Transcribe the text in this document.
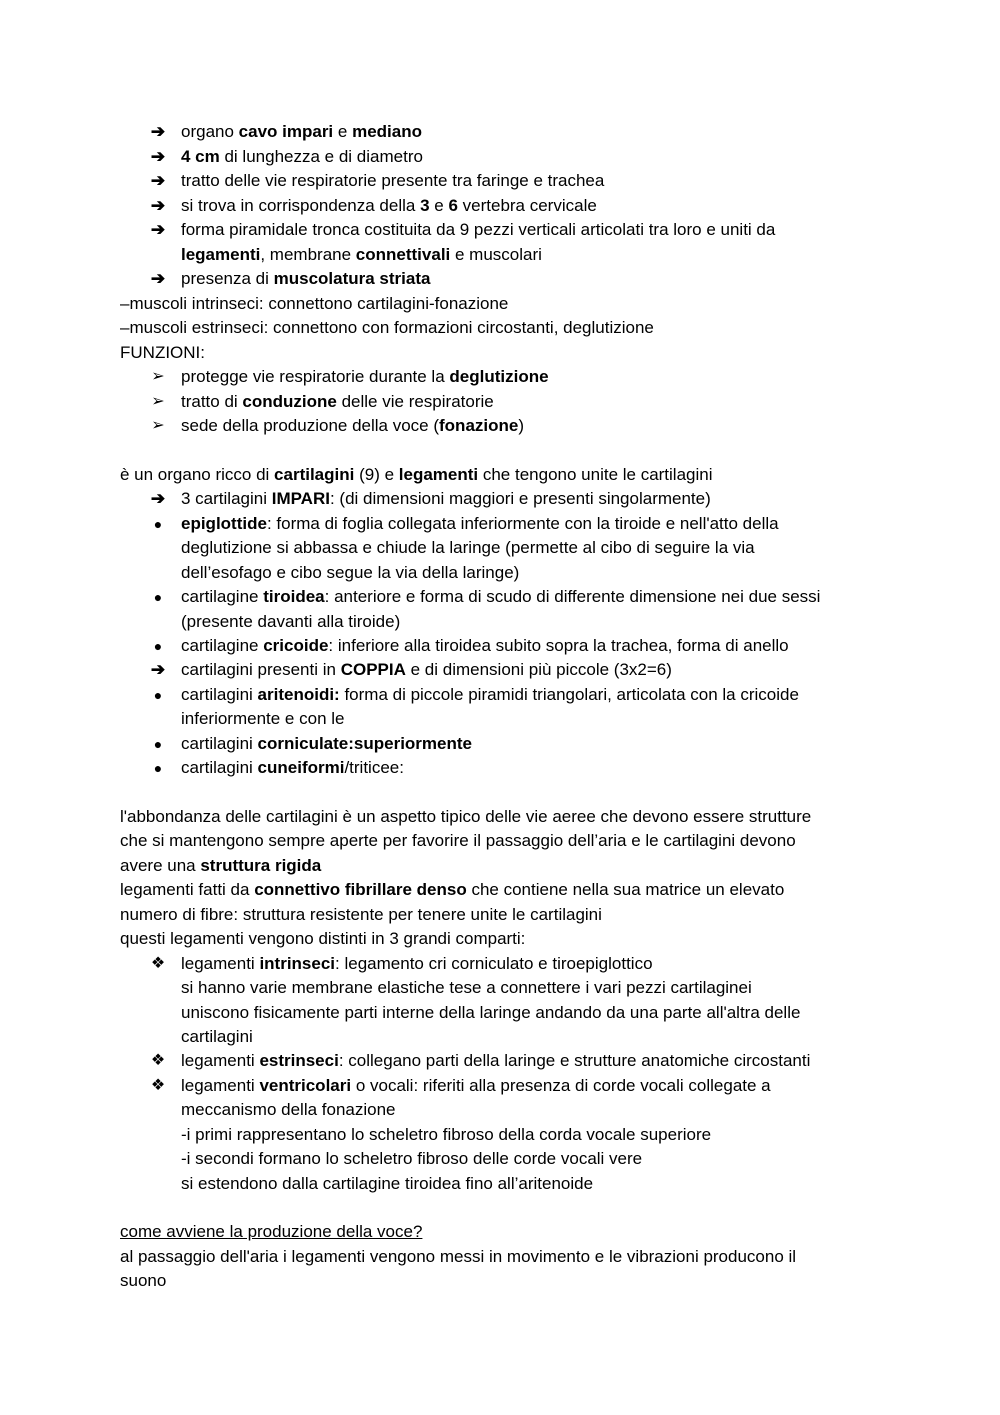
➔ organo cavo impari e mediano
➔ 4 cm di lunghezza e di diametro
➔ tratto delle vie respiratorie presente tra faringe e trachea
➔ si trova in corrispondenza della 3 e 6 vertebra cervicale
➔ forma piramidale tronca costituita da 9 pezzi verticali articolati tra loro e uniti da
legamenti, membrane connettivali e muscolari
➔ presenza di muscolatura striata
–muscoli intrinseci: connettono cartilagini-fonazione
–muscoli estrinseci: connettono con formazioni circostanti, deglutizione
FUNZIONI:
➢ protegge vie respiratorie durante la deglutizione
➢ tratto di conduzione delle vie respiratorie
➢ sede della produzione della voce (fonazione)
è un organo ricco di cartilagini (9) e legamenti che tengono unite le cartilagini
➔ 3 cartilagini IMPARI: (di dimensioni maggiori e presenti singolarmente)
●	epiglottide: forma di foglia collegata inferiormente con la tiroide e nell'atto della
deglutizione si abbassa e chiude la laringe (permette al cibo di seguire la via
dell’esofago e cibo segue la via della laringe)
●	cartilagine tiroidea: anteriore e forma di scudo di differente dimensione nei due sessi
(presente davanti alla tiroide)
●	cartilagine cricoide: inferiore alla tiroidea subito sopra la trachea, forma di anello
➔ cartilagini presenti in COPPIA e di dimensioni più piccole (3x2=6)
●	cartilagini aritenoidi: forma di piccole piramidi triangolari, articolata con la cricoide
inferiormente e con le
●	cartilagini corniculate:superiormente
●	cartilagini cuneiformi/triticee:
l'abbondanza delle cartilagini è un aspetto tipico delle vie aeree che devono essere strutture
che si mantengono sempre aperte per favorire il passaggio dell’aria e le cartilagini devono
avere una struttura rigida
legamenti fatti da connettivo fibrillare denso che contiene nella sua matrice un elevato
numero di fibre: struttura resistente per tenere unite le cartilagini
questi legamenti vengono distinti in 3 grandi comparti:
❖ legamenti intrinseci: legamento cri corniculato e tiroepiglottico
si hanno varie membrane elastiche tese a connettere i vari pezzi cartilaginei
uniscono fisicamente parti interne della laringe andando da una parte all'altra delle
cartilagini
❖ legamenti estrinseci: collegano parti della laringe e strutture anatomiche circostanti
❖ legamenti ventricolari o vocali: riferiti alla presenza di corde vocali collegate a
meccanismo della fonazione
-i primi rappresentano lo scheletro fibroso della corda vocale superiore
-i secondi formano lo scheletro fibroso delle corde vocali vere
si estendono dalla cartilagine tiroidea fino all’aritenoide
come avviene la produzione della voce?
al passaggio dell'aria i legamenti vengono messi in movimento e le vibrazioni producono il
suono
